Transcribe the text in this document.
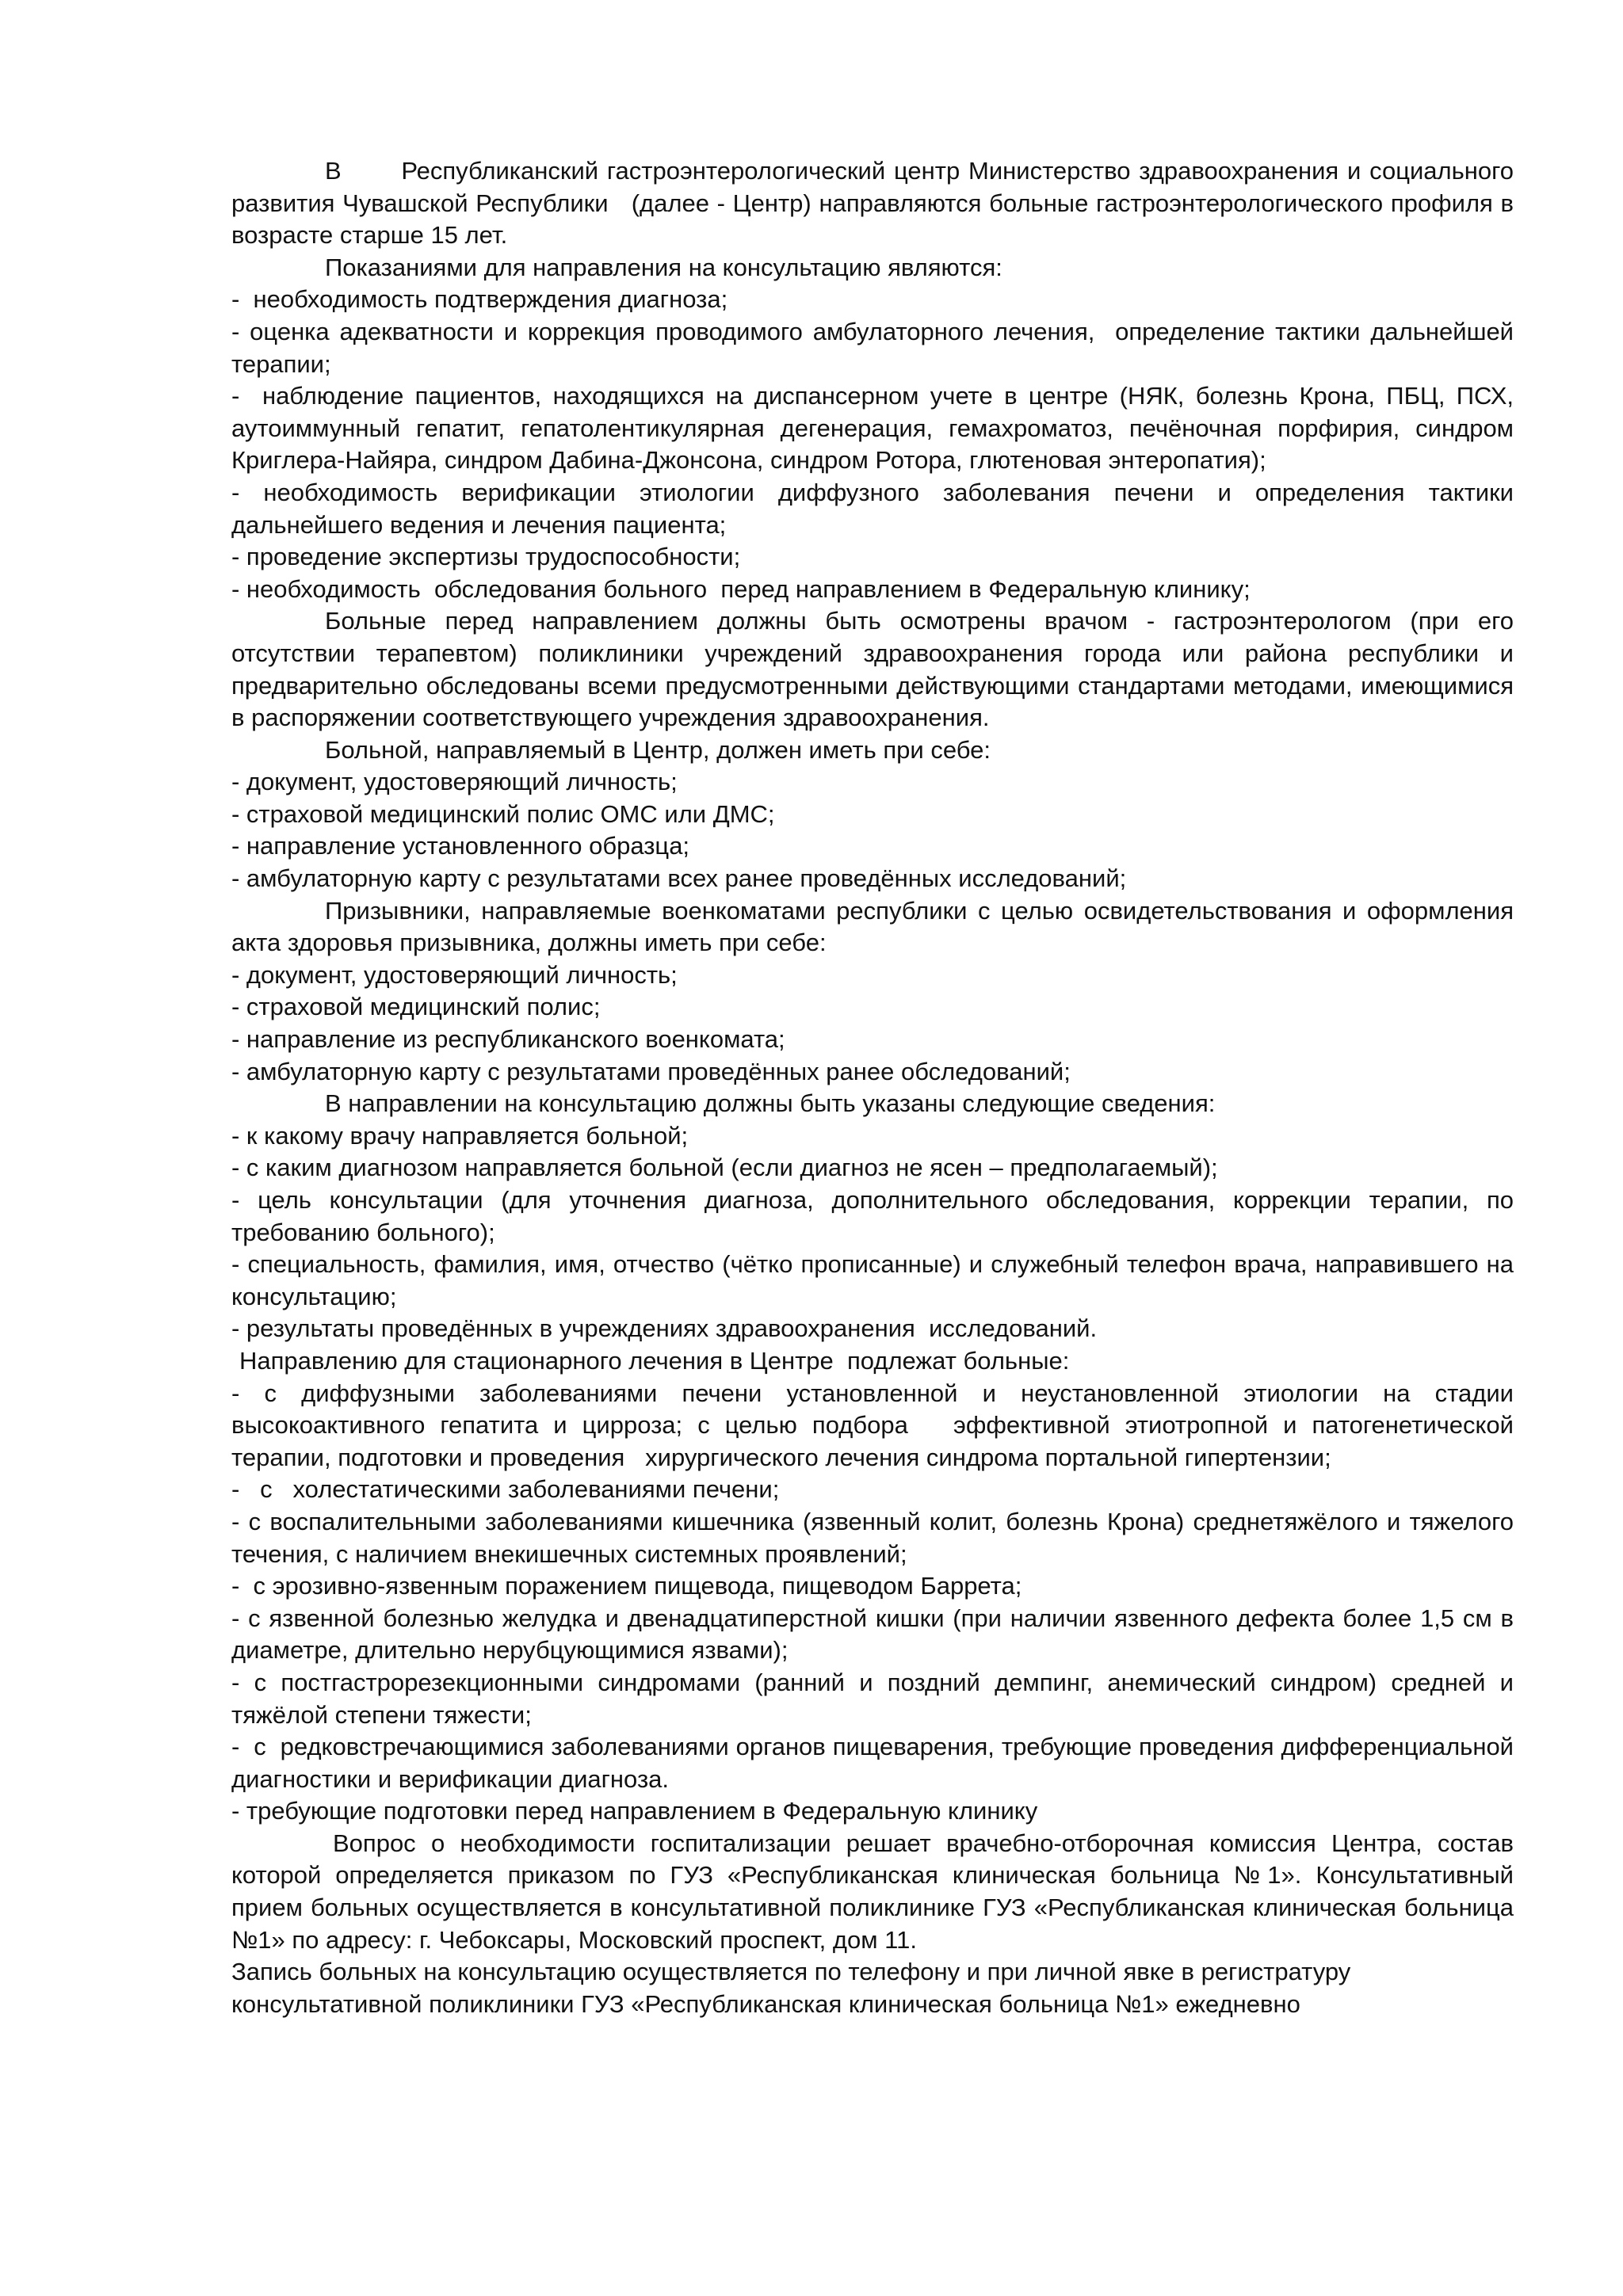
В       Республиканский гастроэнтерологический центр Министерство здравоохранения и социального развития Чувашской Республики   (далее - Центр) направляются больные гастроэнтерологического профиля в возрасте старше 15 лет.

Показаниями для направления на консультацию являются:

-  необходимость подтверждения диагноза;

- оценка адекватности и коррекция проводимого амбулаторного лечения,  определение тактики дальнейшей терапии;

-  наблюдение пациентов, находящихся на диспансерном учете в центре (НЯК, болезнь Крона, ПБЦ, ПСХ, аутоиммунный гепатит, гепатолентикулярная дегенерация, гемахроматоз, печёночная порфирия, синдром Криглера-Найяра, синдром Дабина-Джонсона, синдром Ротора, глютеновая энтеропатия);

- необходимость верификации этиологии диффузного заболевания печени и определения тактики дальнейшего ведения и лечения пациента;

- проведение экспертизы трудоспособности;

- необходимость  обследования больного  перед направлением в Федеральную клинику;

Больные перед направлением должны быть осмотрены врачом - гастроэнтерологом (при его отсутствии терапевтом) поликлиники учреждений здравоохранения города или района республики и предварительно обследованы всеми предусмотренными действующими стандартами методами, имеющимися в распоряжении соответствующего учреждения здравоохранения.

Больной, направляемый в Центр, должен иметь при себе:

- документ, удостоверяющий личность;

- страховой медицинский полис ОМС или ДМС;

- направление установленного образца;

- амбулаторную карту с результатами всех ранее проведённых исследований;

Призывники, направляемые военкоматами республики с целью освидетельствования и оформления акта здоровья призывника, должны иметь при себе:

- документ, удостоверяющий личность;

- страховой медицинский полис;

- направление из республиканского военкомата;

- амбулаторную карту с результатами проведённых ранее обследований;

В направлении на консультацию должны быть указаны следующие сведения:

- к какому врачу направляется больной;

- с каким диагнозом направляется больной (если диагноз не ясен – предполагаемый);

- цель консультации (для уточнения диагноза, дополнительного обследования, коррекции терапии, по требованию больного);

- специальность, фамилия, имя, отчество (чётко прописанные) и служебный телефон врача, направившего на консультацию;

- результаты проведённых в учреждениях здравоохранения  исследований.

Направлению для стационарного лечения в Центре  подлежат больные:

- с диффузными заболеваниями печени установленной и неустановленной этиологии на стадии высокоактивного гепатита и цирроза; с целью подбора   эффективной этиотропной и патогенетической терапии, подготовки и проведения   хирургического лечения синдрома портальной гипертензии;

-   с   холестатическими заболеваниями печени;

- с воспалительными заболеваниями кишечника (язвенный колит, болезнь Крона) среднетяжёлого и тяжелого течения, с наличием внекишечных системных проявлений;

-  с эрозивно-язвенным поражением пищевода, пищеводом Баррета;

- с язвенной болезнью желудка и двенадцатиперстной кишки (при наличии язвенного дефекта более 1,5 см в диаметре, длительно нерубцующимися язвами);

- с постгастрорезекционными синдромами (ранний и поздний демпинг, анемический синдром) средней и тяжёлой степени тяжести;

-  с  редковстречающимися заболеваниями органов пищеварения, требующие проведения дифференциальной диагностики и верификации диагноза.

- требующие подготовки перед направлением в Федеральную клинику

Вопрос о необходимости госпитализации решает врачебно-отборочная комиссия Центра, состав которой определяется приказом по ГУЗ «Республиканская клиническая больница №1». Консультативный прием больных осуществляется в консультативной поликлинике ГУЗ «Республиканская клиническая больница №1» по адресу: г. Чебоксары, Московский проспект, дом 11.

Запись больных на консультацию осуществляется по телефону и при личной явке в регистратуру консультативной поликлиники ГУЗ «Республиканская клиническая больница №1» ежедневно
